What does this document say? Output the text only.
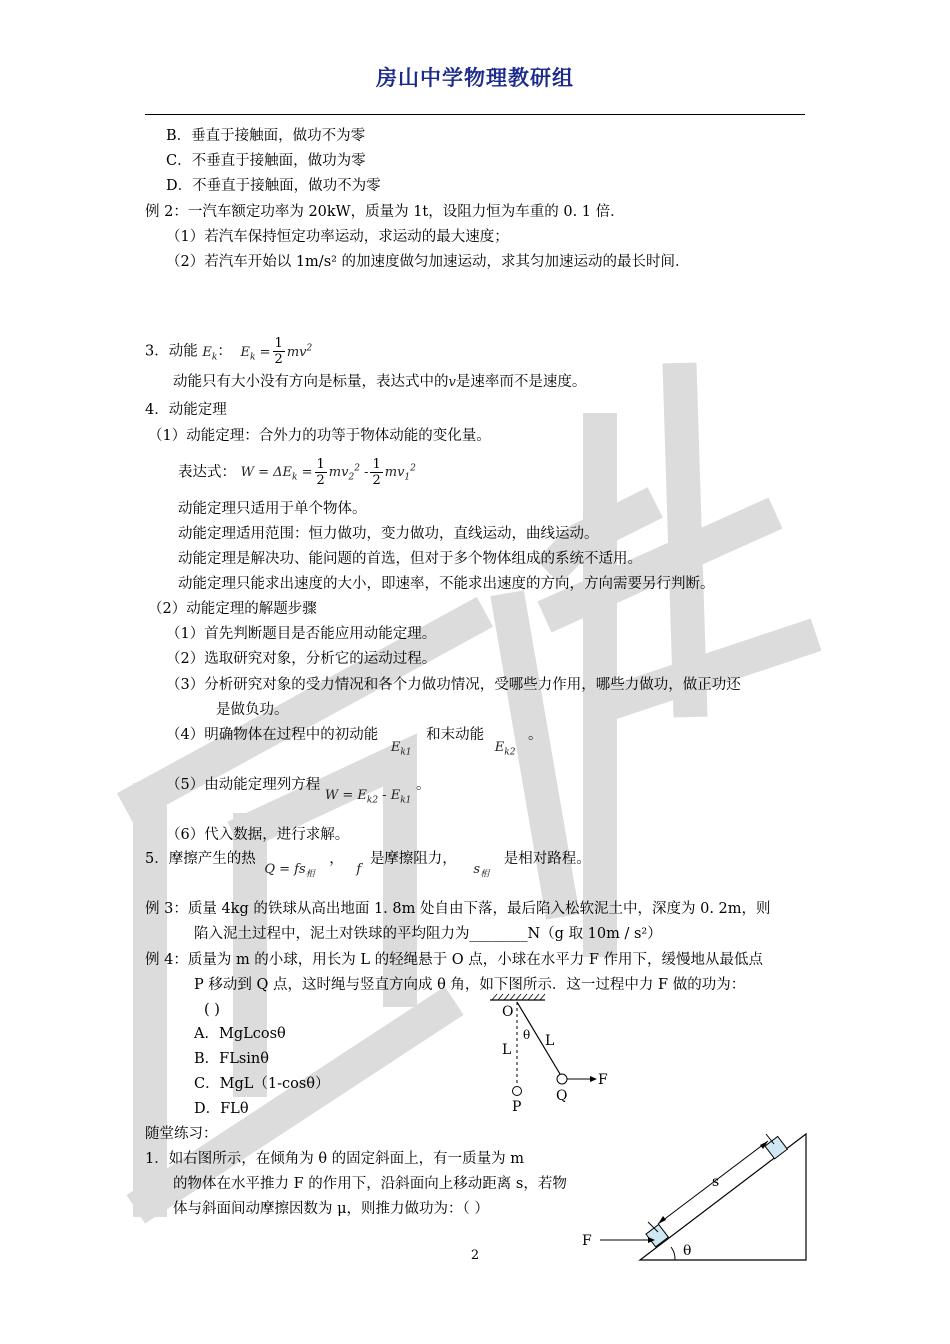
房山中学物理教研组
B．垂直于接触面，做功不为零
C．不垂直于接触面，做功为零
D．不垂直于接触面，做功不为零
例 2：一汽车额定功率为 20kW，质量为 1t，设阻力恒为车重的 0. 1 倍．
（1）若汽车保持恒定功率运动，求运动的最大速度；
（2）若汽车开始以 1m/s² 的加速度做匀加速运动，求其匀加速运动的最长时间．
3．动能 $E_k$：  $E_k = \frac{1}{2} mv^2$
动能只有大小没有方向是标量，表达式中的v是速率而不是速度。
4．动能定理
（1）动能定理：合外力的功等于物体动能的变化量。
表达式： $W = \Delta E_k = \frac{1}{2} mv_2^2 - \frac{1}{2} mv_1^2$
动能定理只适用于单个物体。
动能定理适用范围：恒力做功，变力做功，直线运动，曲线运动。
动能定理是解决功、能问题的首选，但对于多个物体组成的系统不适用。
动能定理只能求出速度的大小，即速率，不能求出速度的方向，方向需要另行判断。
（2）动能定理的解题步骤
（1）首先判断题目是否能应用动能定理。
（2）选取研究对象，分析它的运动过程。
（3）分析研究对象的受力情况和各个力做功情况，受哪些力作用，哪些力做功，做正功还
是做负功。
（4）明确物体在过程中的初动能 $E_{k1}$ 和末动能 $E_{k2}$ 。
（5）由动能定理列方程 $W = E_{k2} - E_{k1}$ 。
（6）代入数据，进行求解。
5．摩擦产生的热 $Q = fs_相$ ， f 是摩擦阻力， $s_相$ 是相对路程。
例 3：质量 4kg 的铁球从高出地面 1. 8m 处自由下落，最后陷入松软泥土中，深度为 0. 2m，则
陷入泥土过程中，泥土对铁球的平均阻力为________N（g 取 10m / s²）
例 4：质量为 m 的小球，用长为 L 的轻绳悬于 O 点，小球在水平力 F 作用下，缓慢地从最低点
P 移动到 Q 点，这时绳与竖直方向成 θ 角，如下图所示．这一过程中力 F 做的功为：
( )
A．MgLcosθ
B．FLsinθ
C．MgL（1-cosθ）
D．FLθ
O
θ
L
L
P
Q
F
随堂练习：
1．如右图所示，在倾角为 θ 的固定斜面上，有一质量为 m
的物体在水平推力 F 的作用下，沿斜面向上移动距离 s，若物
体与斜面间动摩擦因数为 μ，则推力做功为：（ ）
s
F
θ
2
